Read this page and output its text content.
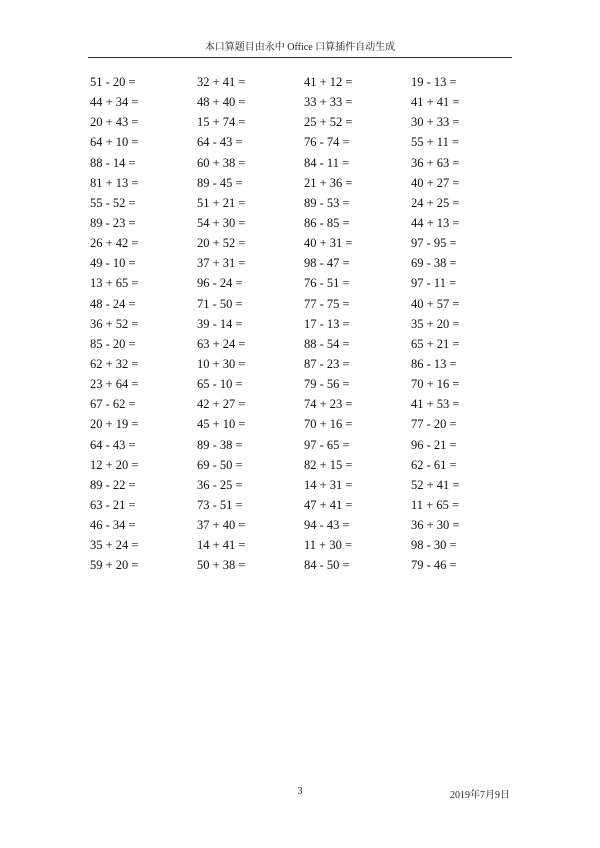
本口算题目由永中 Office 口算插件自动生成
51 - 20 =	32 + 41 =	41 + 12 =	19 - 13 =
44 + 34 =	48 + 40 =	33 + 33 =	41 + 41 =
20 + 43 =	15 + 74 =	25 + 52 =	30 + 33 =
64 + 10 =	64 - 43 =	76 - 74 =	55 + 11 =
88 - 14 =	60 + 38 =	84 - 11 =	36 + 63 =
81 + 13 =	89 - 45 =	21 + 36 =	40 + 27 =
55 - 52 =	51 + 21 =	89 - 53 =	24 + 25 =
89 - 23 =	54 + 30 =	86 - 85 =	44 + 13 =
26 + 42 =	20 + 52 =	40 + 31 =	97 - 95 =
49 - 10 =	37 + 31 =	98 - 47 =	69 - 38 =
13 + 65 =	96 - 24 =	76 - 51 =	97 - 11 =
48 - 24 =	71 - 50 =	77 - 75 =	40 + 57 =
36 + 52 =	39 - 14 =	17 - 13 =	35 + 20 =
85 - 20 =	63 + 24 =	88 - 54 =	65 + 21 =
62 + 32 =	10 + 30 =	87 - 23 =	86 - 13 =
23 + 64 =	65 - 10 =	79 - 56 =	70 + 16 =
67 - 62 =	42 + 27 =	74 + 23 =	41 + 53 =
20 + 19 =	45 + 10 =	70 + 16 =	77 - 20 =
64 - 43 =	89 - 38 =	97 - 65 =	96 - 21 =
12 + 20 =	69 - 50 =	82 + 15 =	62 - 61 =
89 - 22 =	36 - 25 =	14 + 31 =	52 + 41 =
63 - 21 =	73 - 51 =	47 + 41 =	11 + 65 =
46 - 34 =	37 + 40 =	94 - 43 =	36 + 30 =
35 + 24 =	14 + 41 =	11 + 30 =	98 - 30 =
59 + 20 =	50 + 38 =	84 - 50 =	79 - 46 =
3	2019年7月9日
